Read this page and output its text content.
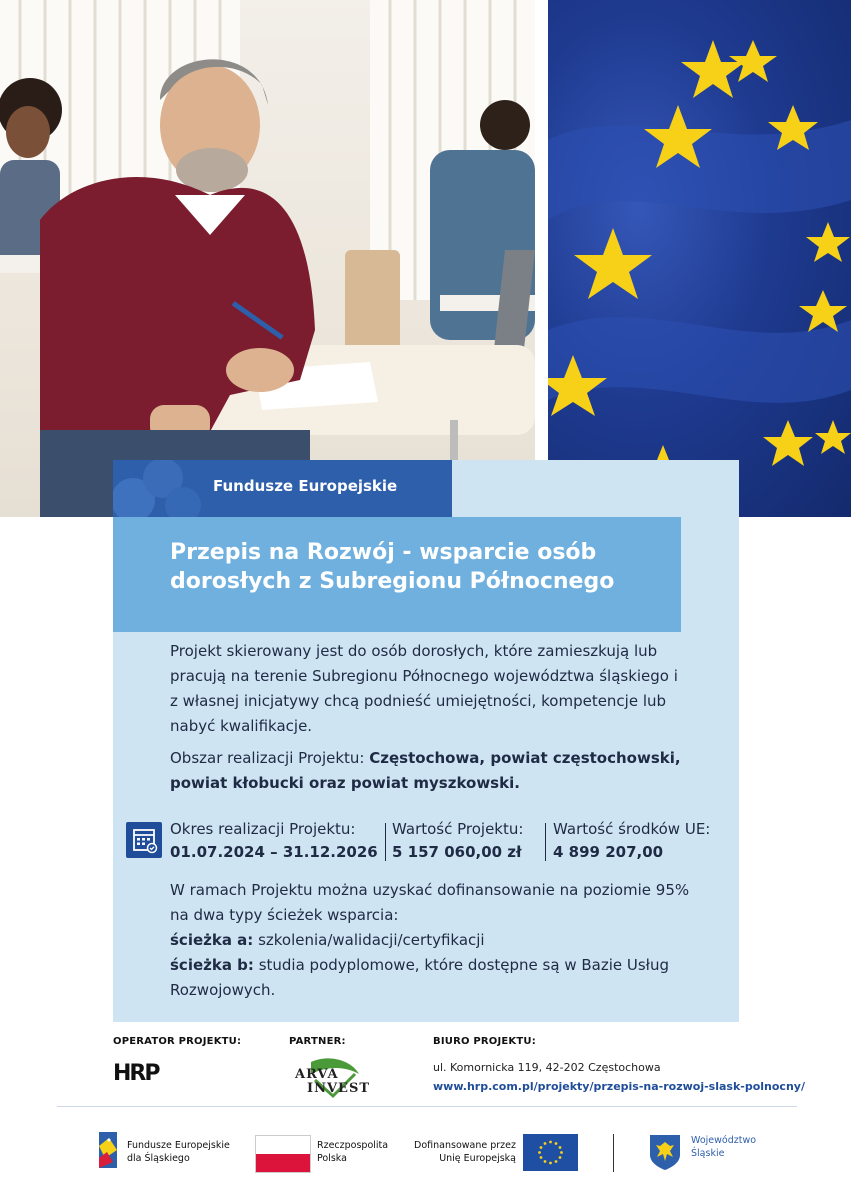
Fundusze Europejskie
Przepis na Rozwój - wsparcie osób dorosłych z Subregionu Północnego
Projekt skierowany jest do osób dorosłych, które zamieszkują lub pracują na terenie Subregionu Północnego województwa śląskiego i z własnej inicjatywy chcą podnieść umiejętności, kompetencje lub nabyć kwalifikacje.
Obszar realizacji Projektu: Częstochowa, powiat częstochowski, powiat kłobucki oraz powiat myszkowski.
Okres realizacji Projektu:
01.07.2024 – 31.12.2026
Wartość Projektu:
5 157 060,00 zł
Wartość środków UE:
4 899 207,00
W ramach Projektu można uzyskać dofinansowanie na poziomie 95% na dwa typy ścieżek wsparcia:
ścieżka a: szkolenia/walidacji/certyfikacji
ścieżka b: studia podyplomowe, które dostępne są w Bazie Usług Rozwojowych.
OPERATOR PROJEKTU:	PARTNER:	BIURO PROJEKTU:
HRP	ARVA
INVEST
ul. Komornicka 119, 42-202 Częstochowa
www.hrp.com.pl/projekty/przepis-na-rozwoj-slask-polnocny/
Fundusze Europejskie
dla Śląskiego
Rzeczpospolita
Polska
Dofinansowane przez
Unię Europejską
Województwo
Śląskie
